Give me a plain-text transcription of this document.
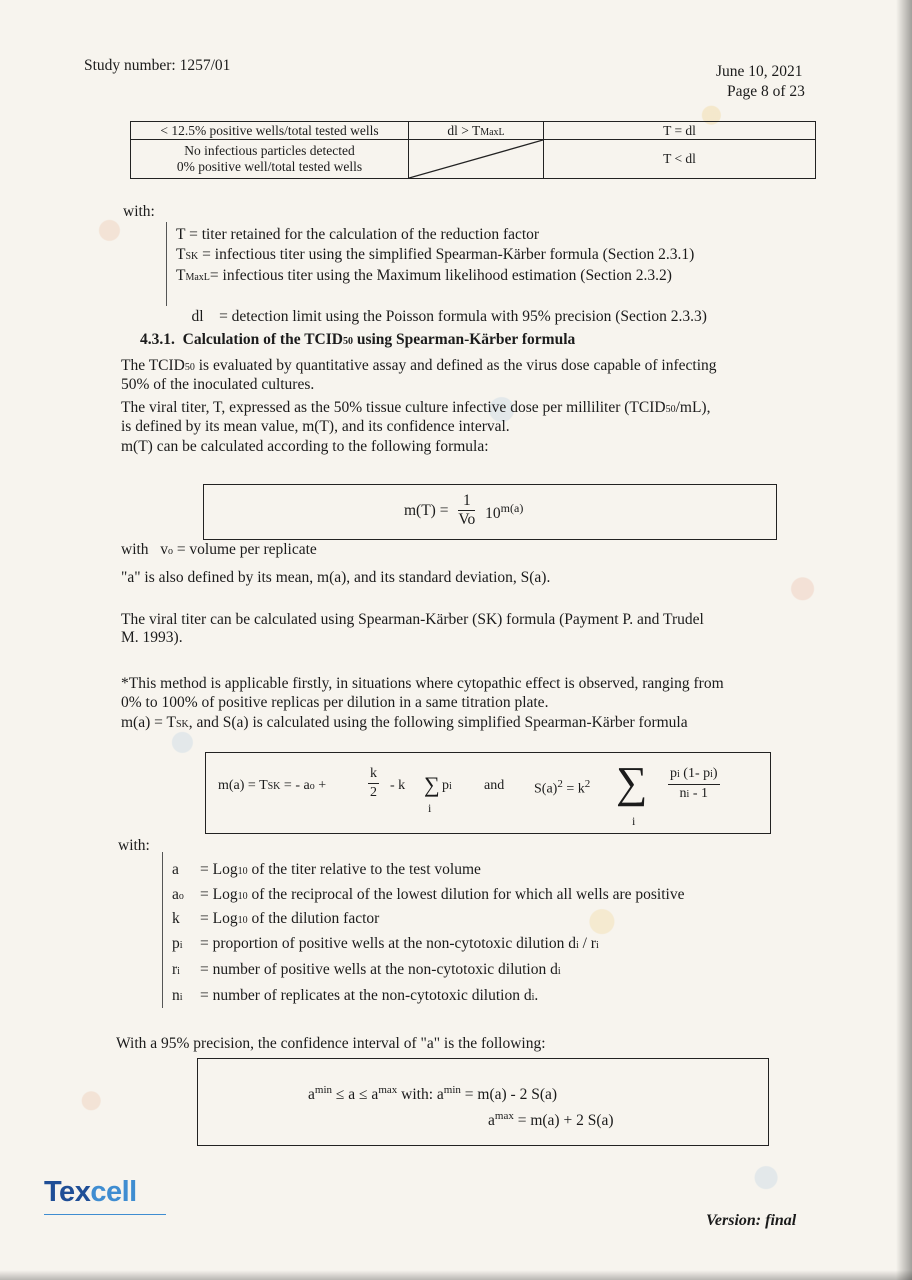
Study number: 1257/01	June 10, 2021
Page 8 of 23
< 12.5% positive wells/total tested wells	dl > TMaxL	T = dl

No infectious particles detected
0% positive well/total tested wells		T < dl
with:
T = titer retained for the calculation of the reduction factor
TSK = infectious titer using the simplified Spearman-Kärber formula (Section 2.3.1)
TMaxL= infectious titer using the Maximum likelihood estimation (Section 2.3.2)

dl    = detection limit using the Poisson formula with 95% precision (Section 2.3.3)

4.3.1. Calculation of the TCID50 using Spearman-Kärber formula
The TCID50 is evaluated by quantitative assay and defined as the virus dose capable of infecting
50% of the inoculated cultures.
The viral titer, T, expressed as the 50% tissue culture infective dose per milliliter (TCID50/mL),
is defined by its mean value, m(T), and its confidence interval.
m(T) can be calculated according to the following formula:
$m(T) = \frac{1}{Vo} 10^{m(a)}$
with vo = volume per replicate
"a" is also defined by its mean, m(a), and its standard deviation, S(a).
The viral titer can be calculated using Spearman-Kärber (SK) formula (Payment P. and Trudel
M. 1993).
*This method is applicable firstly, in situations where cytopathic effect is observed, ranging from
0% to 100% of positive replicas per dilution in a same titration plate.
m(a) = TSK, and S(a) is calculated using the following simplified Spearman-Kärber formula
m(a) = TSK = - ao +	$\frac{k}{2}$ - k ∑ pi
i
and $S(a)^2 = k^2$ ∑
i
$\frac{pi (1- pi)}{ni - 1}$
with:
a = Log10 of the titer relative to the test volume
ao = Log10 of the reciprocal of the lowest dilution for which all wells are positive
k = Log10 of the dilution factor
pi = proportion of positive wells at the non-cytotoxic dilution di / ri
ri = number of positive wells at the non-cytotoxic dilution di
ni = number of replicates at the non-cytotoxic dilution di.
With a 95% precision, the confidence interval of "a" is the following:
$a^{min} \le a \le a^{max}$ with: $a^{min} = m(a) - 2$ S(a)
$a^{max} = m(a) + 2$ S(a)
Texcell
Version: final
